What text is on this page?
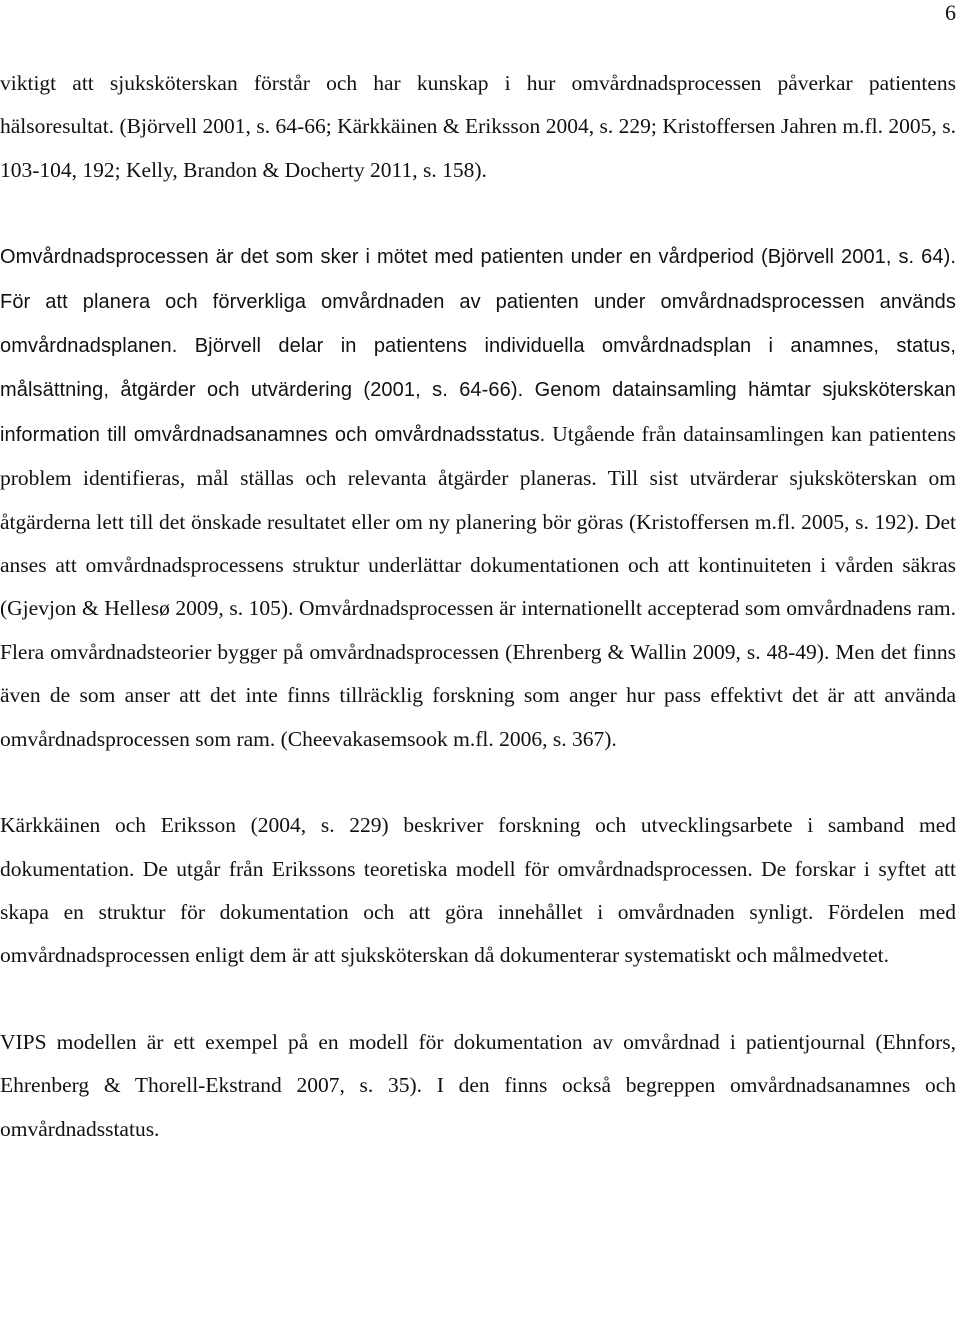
6

viktigt att sjuksköterskan förstår och har kunskap i hur omvårdnadsprocessen påverkar patientens hälsoresultat. (Björvell 2001, s. 64-66; Kärkkäinen & Eriksson 2004, s. 229; Kristoffersen Jahren m.fl. 2005, s. 103-104, 192; Kelly, Brandon & Docherty 2011, s. 158).

Omvårdnadsprocessen är det som sker i mötet med patienten under en vårdperiod (Björvell 2001, s. 64). För att planera och förverkliga omvårdnaden av patienten under omvårdnadsprocessen används omvårdnadsplanen. Björvell delar in patientens individuella omvårdnadsplan i anamnes, status, målsättning, åtgärder och utvärdering (2001, s. 64-66). Genom datainsamling hämtar sjuksköterskan information till omvårdnadsanamnes och omvårdnadsstatus. Utgående från datainsamlingen kan patientens problem identifieras, mål ställas och relevanta åtgärder planeras. Till sist utvärderar sjuksköterskan om åtgärderna lett till det önskade resultatet eller om ny planering bör göras (Kristoffersen m.fl. 2005, s. 192). Det anses att omvårdnadsprocessens struktur underlättar dokumentationen och att kontinuiteten i vården säkras (Gjevjon & Hellesø 2009, s. 105). Omvårdnadsprocessen är internationellt accepterad som omvårdnadens ram. Flera omvårdnadsteorier bygger på omvårdnadsprocessen (Ehrenberg & Wallin 2009, s. 48-49). Men det finns även de som anser att det inte finns tillräcklig forskning som anger hur pass effektivt det är att använda omvårdnadsprocessen som ram. (Cheevakasemsook m.fl. 2006, s. 367).

Kärkkäinen och Eriksson (2004, s. 229) beskriver forskning och utvecklingsarbete i samband med dokumentation. De utgår från Erikssons teoretiska modell för omvårdnadsprocessen. De forskar i syftet att skapa en struktur för dokumentation och att göra innehållet i omvårdnaden synligt. Fördelen med omvårdnadsprocessen enligt dem är att sjuksköterskan då dokumenterar systematiskt och målmedvetet.

VIPS modellen är ett exempel på en modell för dokumentation av omvårdnad i patientjournal (Ehnfors, Ehrenberg & Thorell-Ekstrand 2007, s. 35). I den finns också begreppen omvårdnadsanamnes och omvårdnadsstatus.
